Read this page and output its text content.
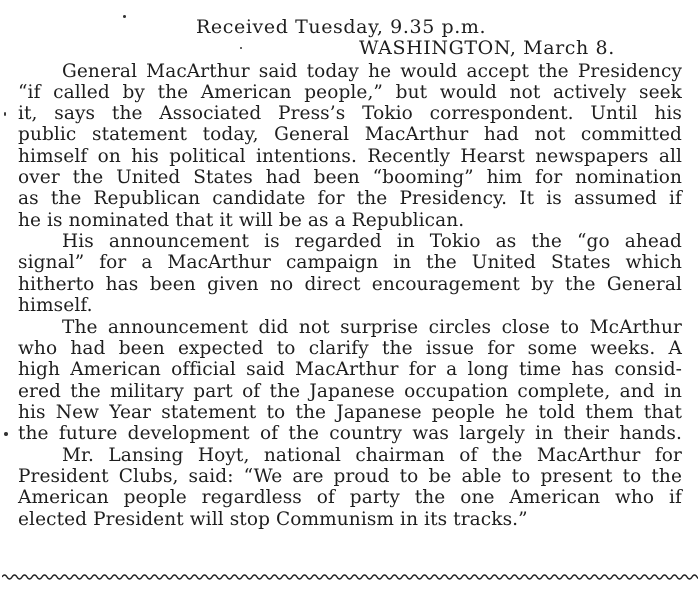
Received Tuesday, 9.35 p.m.
WASHINGTON, March 8.
General MacArthur said today he would accept the Presidency
“if called by the American people,” but would not actively seek
it, says the Associated Press’s Tokio correspondent. Until his
public statement today, General MacArthur had not committed
himself on his political intentions. Recently Hearst newspapers all
over the United States had been “booming” him for nomination
as the Republican candidate for the Presidency. It is assumed if
he is nominated that it will be as a Republican.
His announcement is regarded in Tokio as the “go ahead
signal” for a MacArthur campaign in the United States which
hitherto has been given no direct encouragement by the General
himself.
The announcement did not surprise circles close to McArthur
who had been expected to clarify the issue for some weeks. A
high American official said MacArthur for a long time has consid-
ered the military part of the Japanese occupation complete, and in
his New Year statement to the Japanese people he told them that
the future development of the country was largely in their hands.
Mr. Lansing Hoyt, national chairman of the MacArthur for
President Clubs, said: “We are proud to be able to present to the
American people regardless of party the one American who if
elected President will stop Communism in its tracks.”
